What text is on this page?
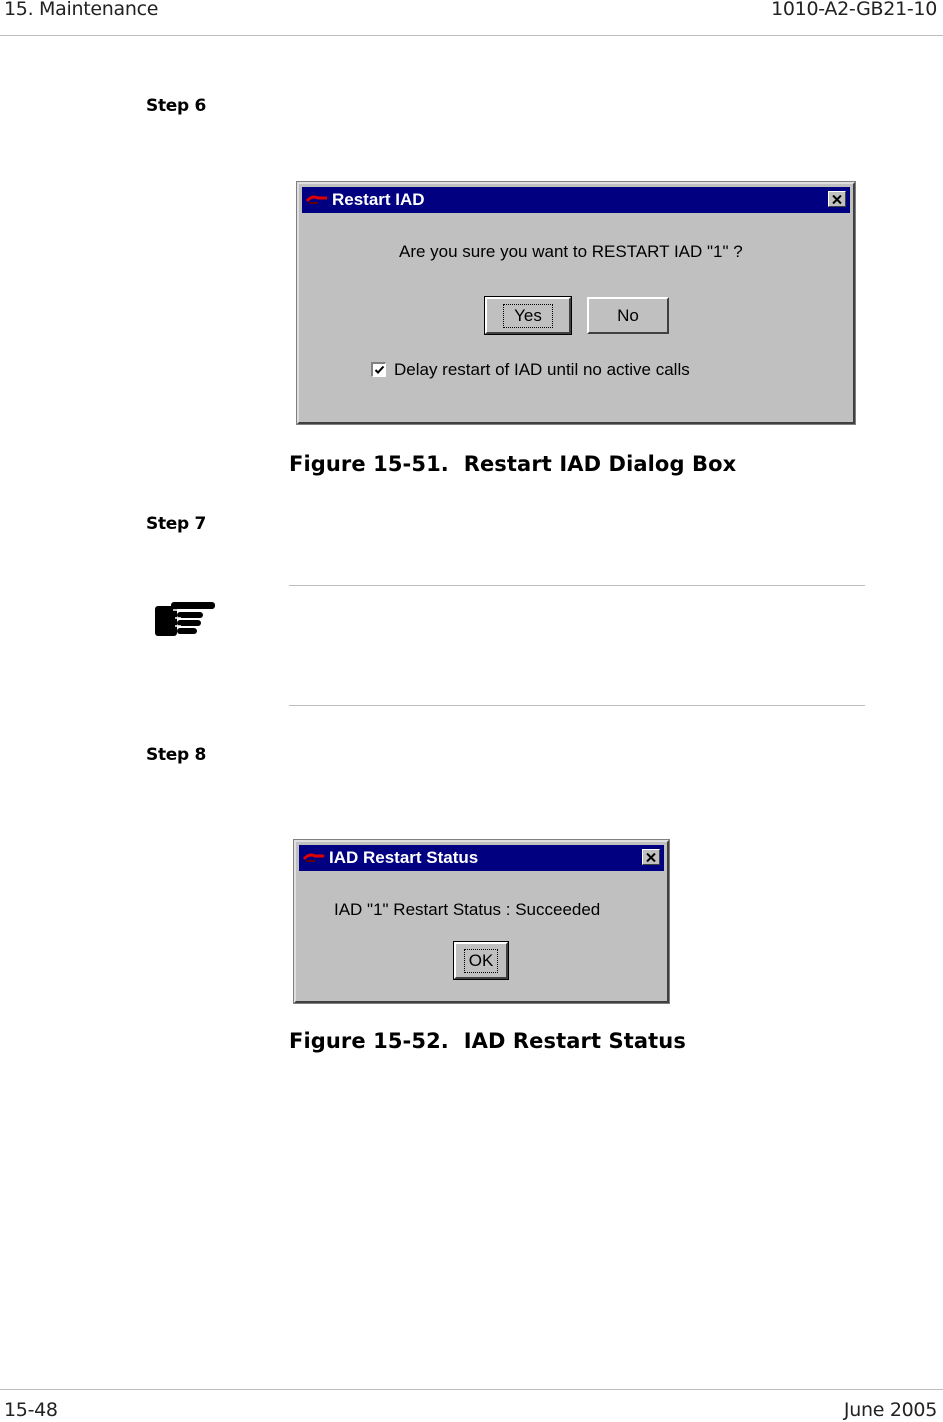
15. Maintenance	1010-A2-GB21-10
Step 6
Restart IAD
Are you sure you want to RESTART IAD "1" ?
Yes	No
Delay restart of IAD until no active calls
Figure 15-51.  Restart IAD Dialog Box
Step 7
Step 8
IAD Restart Status
IAD "1" Restart Status : Succeeded
OK
Figure 15-52.  IAD Restart Status
15-48	June 2005
